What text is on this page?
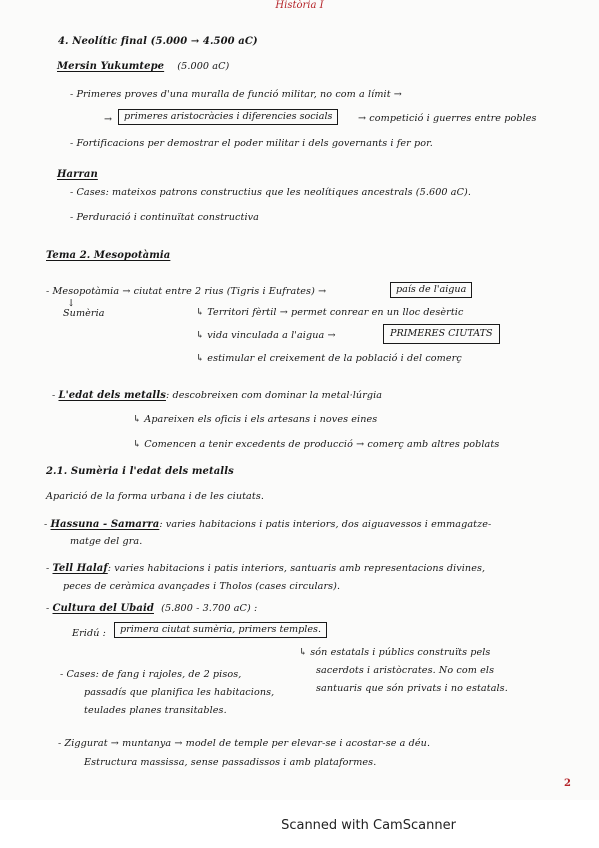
Història I
4. Neolític final (5.000 → 4.500 aC)
Mersin Yukumtepe (5.000 aC)
- Primeres proves d'una muralla de funció militar, no com a límit →
→	primeres aristocràcies i diferencies socials	→ competició i guerres entre pobles
- Fortificacions per demostrar el poder militar i dels governants i fer por.
Harran
- Cases: mateixos patrons constructius que les neolítiques ancestrals (5.600 aC).
- Perduració i continuïtat constructiva
Tema 2. Mesopotàmia
- Mesopotàmia → ciutat entre 2 rius (Tigris i Eufrates) →	país de l'aigua
↓
Sumèria	↳ Territori fèrtil → permet conrear en un lloc desèrtic
↳ vida vinculada a l'aigua →	PRIMERES CIUTATS
↳ estimular el creixement de la població i del comerç
- L'edat dels metalls: descobreixen com dominar la metal·lúrgia
↳ Apareixen els oficis i els artesans i noves eines
↳ Comencen a tenir excedents de producció → comerç amb altres poblats
2.1. Sumèria i l'edat dels metalls
Aparició de la forma urbana i de les ciutats.
- Hassuna - Samarra: varies habitacions i patis interiors, dos aiguavessos i emmagatze-
matge del gra.
- Tell Halaf: varies habitacions i patis interiors, santuaris amb representacions divines,
peces de ceràmica avançades i Tholos (cases circulars).
- Cultura del Ubaid (5.800 - 3.700 aC) :
Eridú :	primera ciutat sumèria, primers temples.
↳ són estatals i públics construïts pels
sacerdots i aristòcrates. No com els
santuaris que són privats i no estatals.
- Cases: de fang i rajoles, de 2 pisos,
passadís que planifica les habitacions,
teulades planes transitables.
- Ziggurat → muntanya → model de temple per elevar-se i acostar-se a déu.
Estructura massissa, sense passadissos i amb plataformes.
2
Scanned with CamScanner
